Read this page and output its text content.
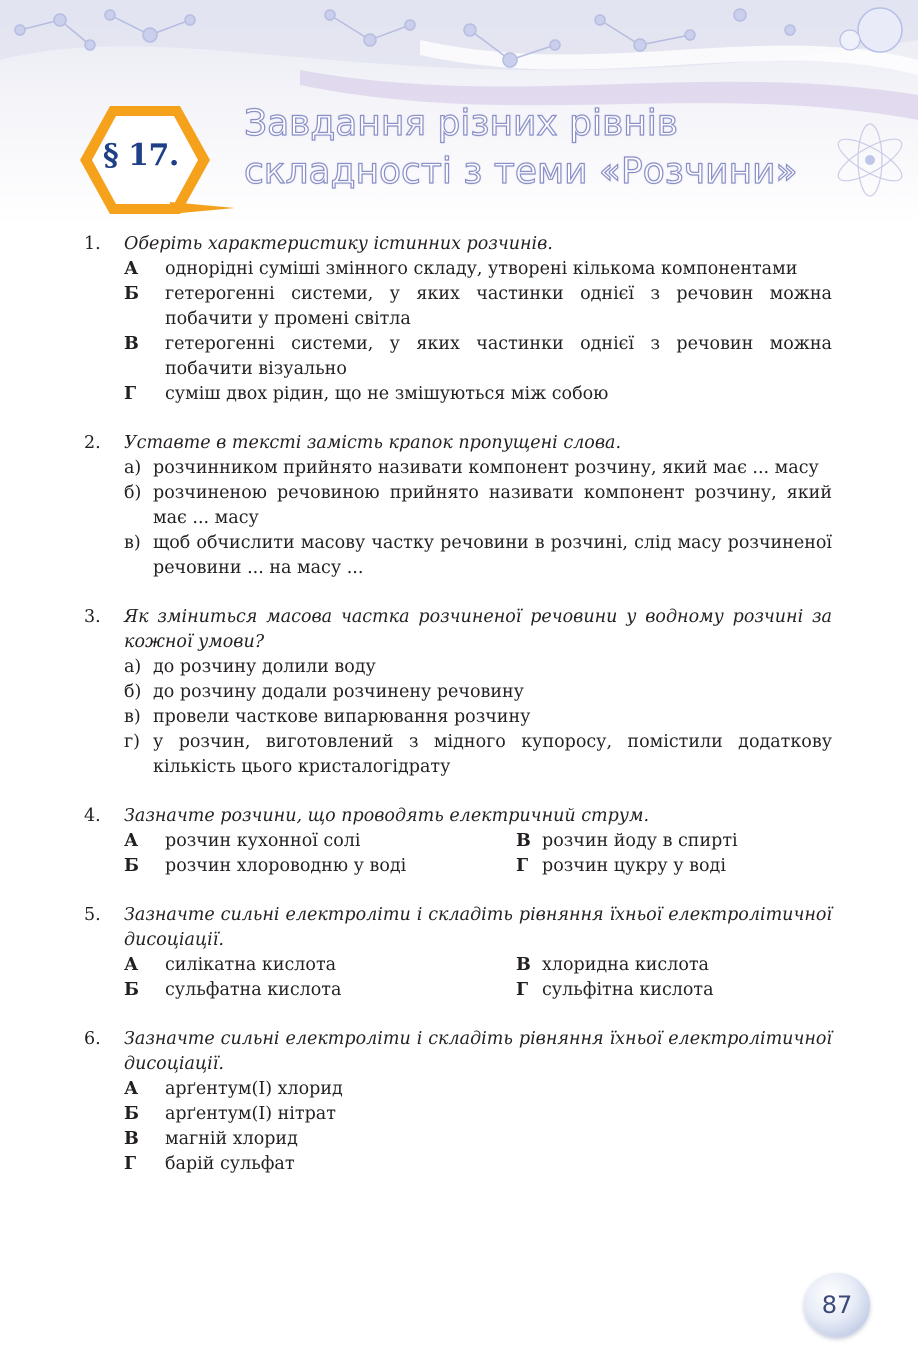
§ 17.
Завдання різних рівнів
складності з теми «Розчини»
1.	Оберіть характеристику істинних розчинів.
А однорідні суміші змінного складу, утворені кількома компонентами
Б гетерогенні системи, у яких частинки однієї з речовин можна побачити у промені світла
В гетерогенні системи, у яких частинки однієї з речовин можна побачити візуально
Г суміш двох рідин, що не змішуються між собою
2.	Уставте в тексті замість крапок пропущені слова.
а) розчинником прийнято називати компонент розчину, який має ... масу
б) розчиненою речовиною прийнято називати компонент розчину, який має ... масу
в) щоб обчислити масову частку речовини в розчині, слід масу розчиненої речовини ... на масу ...
3.	Як зміниться масова частка розчиненої речовини у водному розчині за кожної умови?
а) до розчину долили воду
б) до розчину додали розчинену речовину
в) провели часткове випарювання розчину
г) у розчин, виготовлений з мідного купоросу, помістили додаткову кількість цього кристалогідрату
4.	Зазначте розчини, що проводять електричний струм.
А розчин кухонної солі	В розчин йоду в спирті
Б розчин хлороводню у воді	Г розчин цукру у воді
5.	Зазначте сильні електроліти і складіть рівняння їхньої електролітичної дисоціації.
А силікатна кислота	В хлоридна кислота
Б сульфатна кислота	Г сульфітна кислота
6.	Зазначте сильні електроліти і складіть рівняння їхньої електролітичної дисоціації.
А арґентум(I) хлорид
Б арґентум(I) нітрат
В магній хлорид
Г барій сульфат
87
